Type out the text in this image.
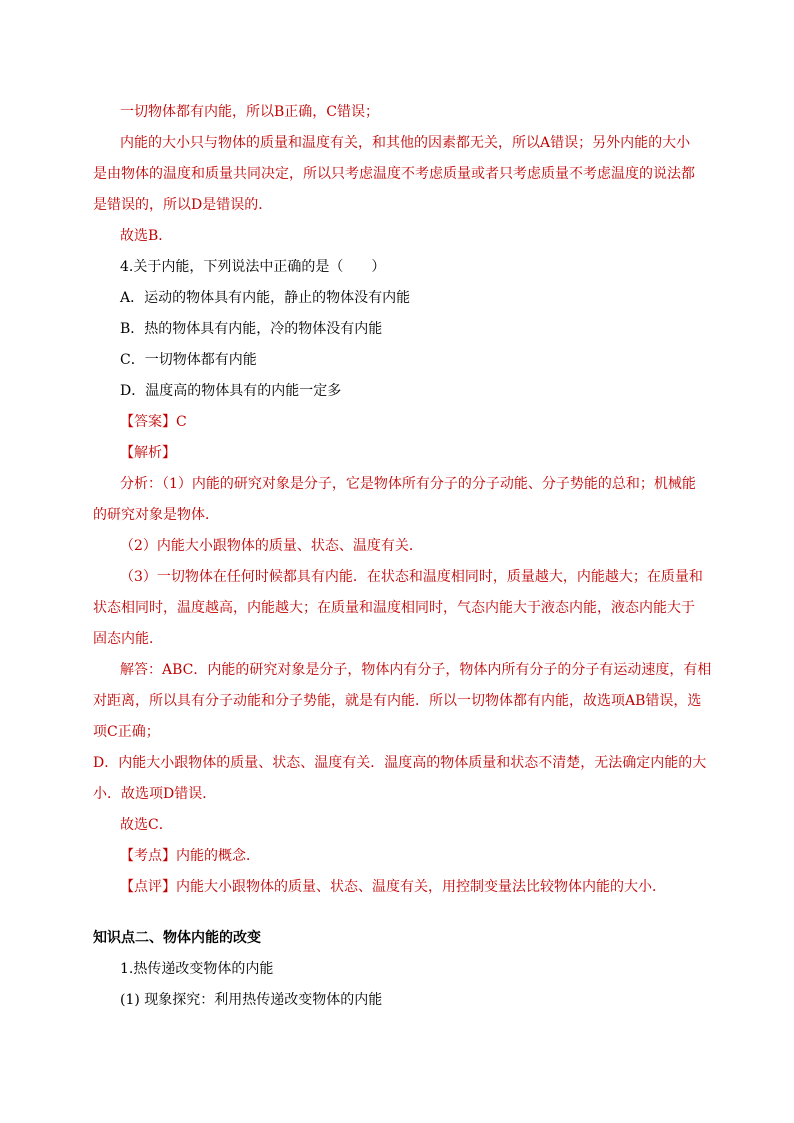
一切物体都有内能，所以B正确，C错误；
内能的大小只与物体的质量和温度有关，和其他的因素都无关，所以A错误；另外内能的大小
是由物体的温度和质量共同决定，所以只考虑温度不考虑质量或者只考虑质量不考虑温度的说法都
是错误的，所以D是错误的．
故选B．
4.关于内能，下列说法中正确的是（　　）
A．运动的物体具有内能，静止的物体没有内能
B．热的物体具有内能，冷的物体没有内能
C．一切物体都有内能
D．温度高的物体具有的内能一定多
【答案】C
【解析】
分析：（1）内能的研究对象是分子，它是物体所有分子的分子动能、分子势能的总和；机械能
的研究对象是物体．
（2）内能大小跟物体的质量、状态、温度有关．
（3）一切物体在任何时候都具有内能．在状态和温度相同时，质量越大，内能越大；在质量和
状态相同时，温度越高，内能越大；在质量和温度相同时，气态内能大于液态内能，液态内能大于
固态内能．
解答：ABC．内能的研究对象是分子，物体内有分子，物体内所有分子的分子有运动速度，有相
对距离，所以具有分子动能和分子势能，就是有内能．所以一切物体都有内能，故选项AB错误，选
项C正确；
D．内能大小跟物体的质量、状态、温度有关．温度高的物体质量和状态不清楚，无法确定内能的大
小．故选项D错误．
故选C．
【考点】内能的概念．
【点评】内能大小跟物体的质量、状态、温度有关，用控制变量法比较物体内能的大小．
知识点二、物体内能的改变
1.热传递改变物体的内能
(1) 现象探究：利用热传递改变物体的内能
